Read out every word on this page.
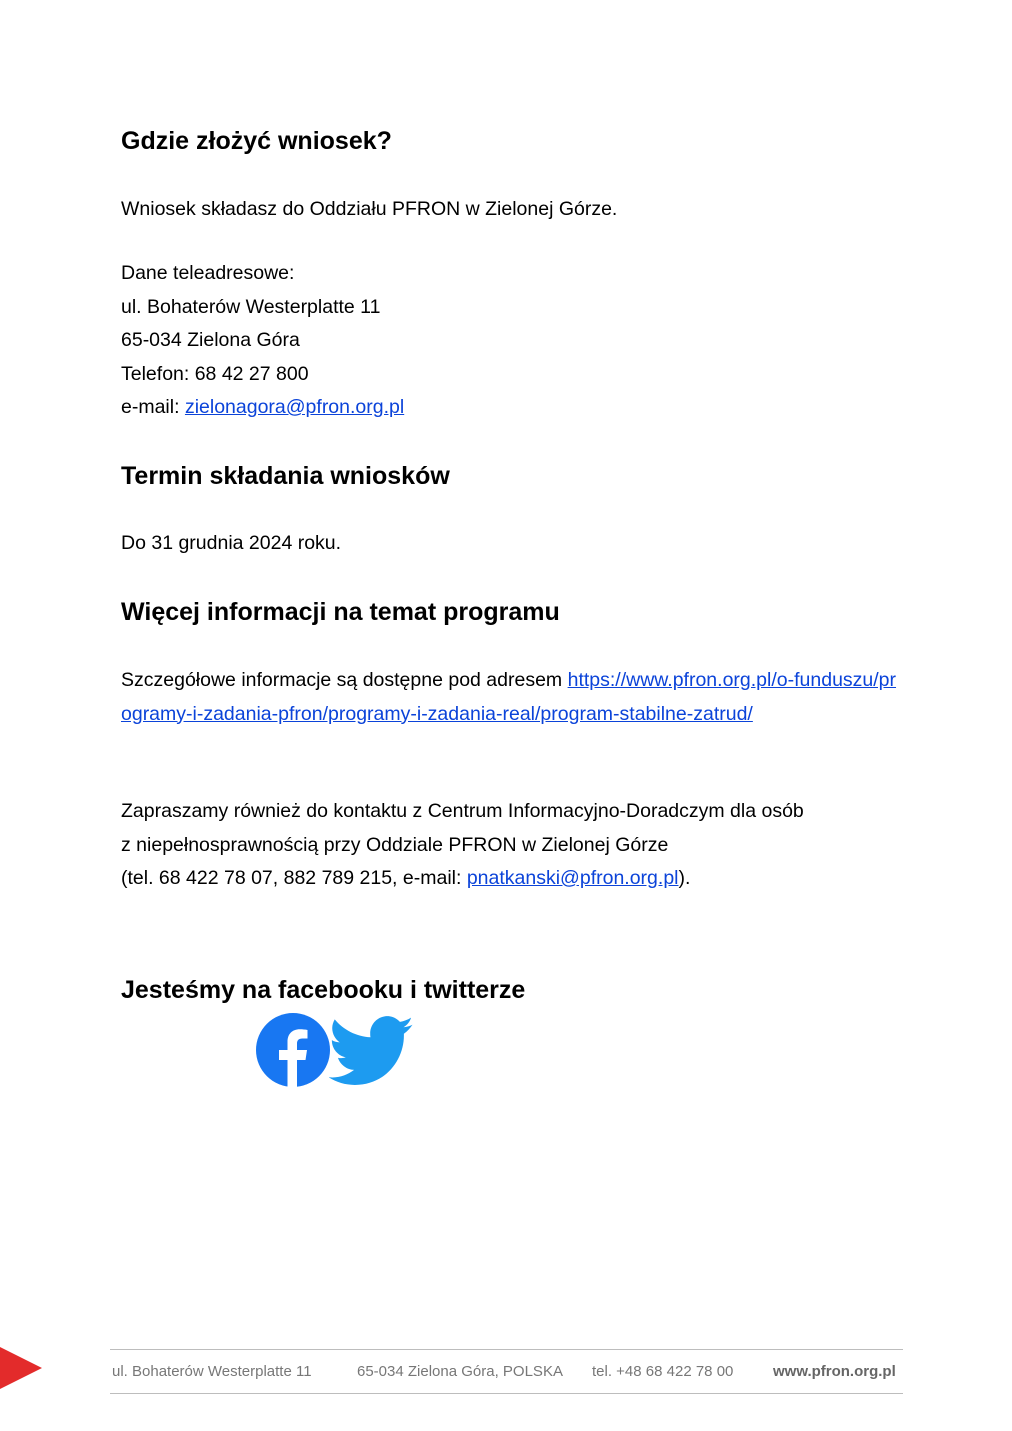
Gdzie złożyć wniosek?

Wniosek składasz do Oddziału PFRON w Zielonej Górze.

Dane teleadresowe:
ul. Bohaterów Westerplatte 11
65-034 Zielona Góra
Telefon: 68 42 27 800
e-mail: zielonagora@pfron.org.pl
Termin składania wniosków

Do 31 grudnia 2024 roku.

Więcej informacji na temat programu

Szczegółowe informacje są dostępne pod adresem https://www.pfron.org.pl/o-funduszu/programy-i-zadania-pfron/programy-i-zadania-real/program-stabilne-zatrud/

Zapraszamy również do kontaktu z Centrum Informacyjno-Doradczym dla osób
z niepełnosprawnością przy Oddziale PFRON w Zielonej Górze
(tel. 68 422 78 07, 882 789 215, e-mail: pnatkanski@pfron.org.pl).
Jesteśmy na facebooku i twitterze
ul. Bohaterów Westerplatte 11	65-034 Zielona Góra, POLSKA tel. +48 68 422 78 00	www.pfron.org.pl
